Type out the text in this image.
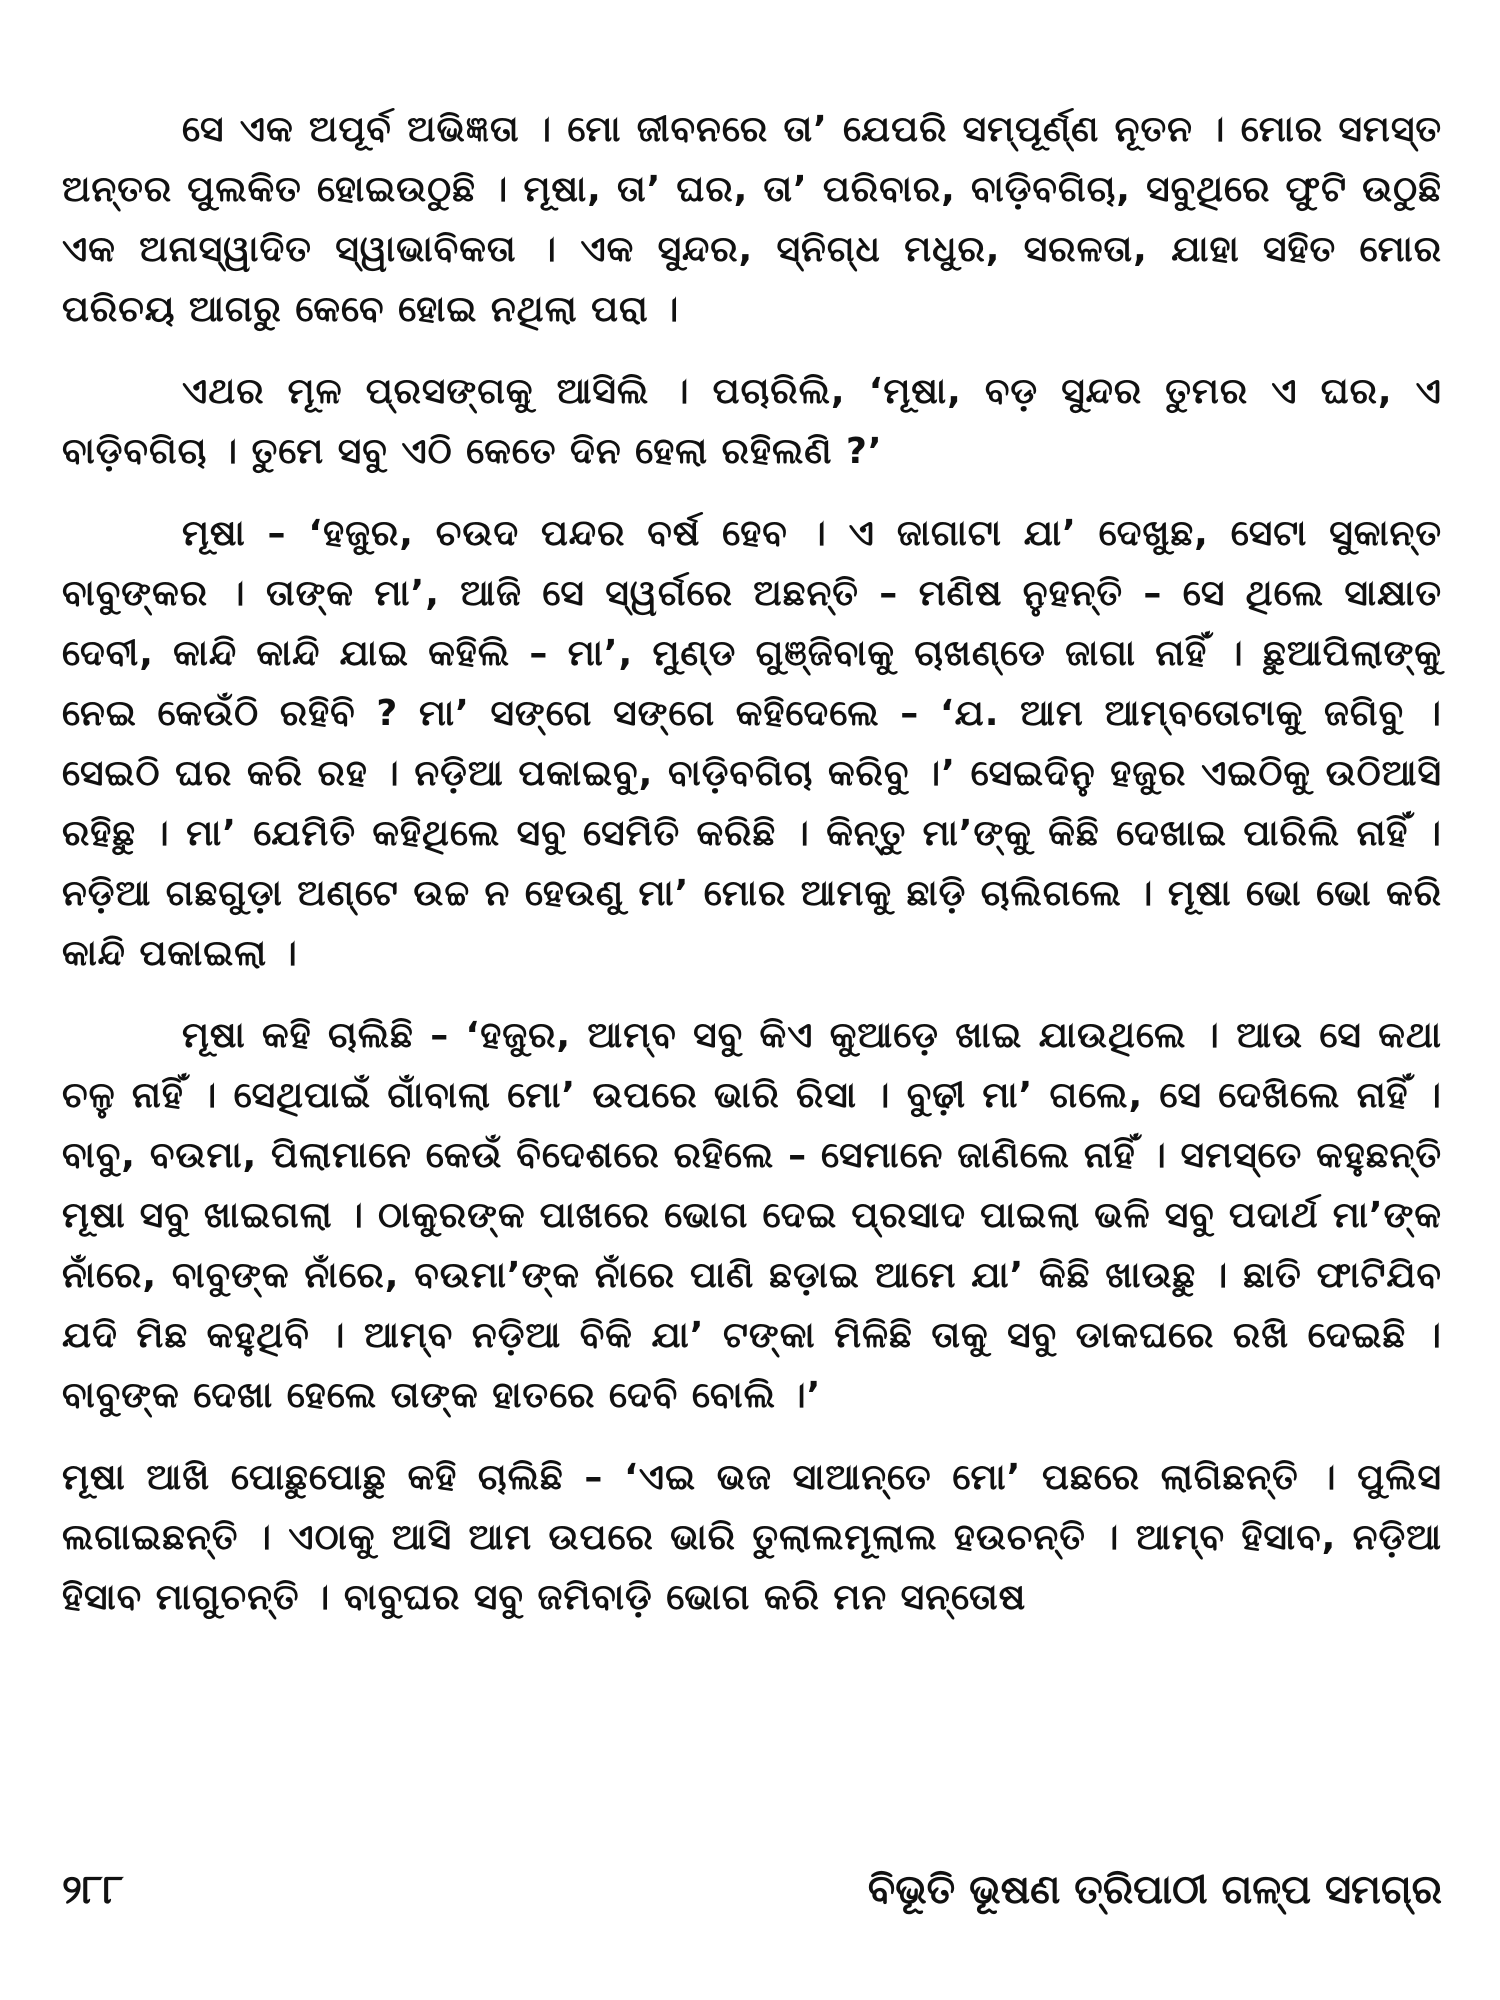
ସେ ଏକ ଅପୂର୍ବ ଅଭିଜ୍ଞତା । ମୋ ଜୀବନରେ ତା’ ଯେପରି ସମ୍ପୂର୍ଣ୍ଣ ନୂତନ । ମୋର ସମସ୍ତ ଅନ୍ତର ପୁଲକିତ ହୋଇଉଠୁଛି । ମୂଷା, ତା’ ଘର, ତା’ ପରିବାର, ବାଡ଼ିବଗିଚା, ସବୁଥିରେ ଫୁଟି ଉଠୁଛି ଏକ ଅନାସ୍ୱାଦିତ ସ୍ୱାଭାବିକତା । ଏକ ସୁନ୍ଦର, ସ୍ନିଗ୍ଧ ମଧୁର, ସରଳତା, ଯାହା ସହିତ ମୋର ପରିଚୟ ଆଗରୁ କେବେ ହୋଇ ନଥିଲା ପରା ।

ଏଥର ମୂଳ ପ୍ରସଙ୍ଗକୁ ଆସିଲି । ପଚାରିଲି, ‘ମୂଷା, ବଡ଼ ସୁନ୍ଦର ତୁମର ଏ ଘର, ଏ ବାଡ଼ିବଗିଚା । ତୁମେ ସବୁ ଏଠି କେତେ ଦିନ ହେଲା ରହିଲଣି ?’

ମୂଷା – ‘ହଜୁର, ଚଉଦ ପନ୍ଦର ବର୍ଷ ହେବ । ଏ ଜାଗାଟା ଯା’ ଦେଖୁଛ, ସେଟା ସୁକାନ୍ତ ବାବୁଙ୍କର । ତାଙ୍କ ମା’, ଆଜି ସେ ସ୍ୱର୍ଗରେ ଅଛନ୍ତି – ମଣିଷ ନୁହନ୍ତି – ସେ ଥିଲେ ସାକ୍ଷାତ ଦେବୀ, କାନ୍ଦି କାନ୍ଦି ଯାଇ କହିଲି – ମା’, ମୁଣ୍ଡ ଗୁଞ୍ଜିବାକୁ ଚାଖଣ୍ଡେ ଜାଗା ନାହିଁ । ଛୁଆପିଲାଙ୍କୁ ନେଇ କେଉଁଠି ରହିବି ? ମା’ ସଙ୍ଗେ ସଙ୍ଗେ କହିଦେଲେ – ‘ଯ. ଆମ ଆମ୍ବତୋଟାକୁ ଜଗିବୁ । ସେଇଠି ଘର କରି ରହ । ନଡ଼ିଆ ପକାଇବୁ, ବାଡ଼ିବଗିଚା କରିବୁ ।’ ସେଇଦିନୁ ହଜୁର ଏଇଠିକୁ ଉଠିଆସି ରହିଛୁ । ମା’ ଯେମିତି କହିଥିଲେ ସବୁ ସେମିତି କରିଛି । କିନ୍ତୁ ମା’ଙ୍କୁ କିଛି ଦେଖାଇ ପାରିଲି ନାହିଁ । ନଡ଼ିଆ ଗଛଗୁଡ଼ା ଅଣ୍ଟେ ଉଚ୍ଚ ନ ହେଉଣୁ ମା’ ମୋର ଆମକୁ ଛାଡ଼ି ଚାଲିଗଲେ । ମୂଷା ଭୋ ଭୋ କରି କାନ୍ଦି ପକାଇଲା ।

ମୂଷା କହି ଚାଲିଛି – ‘ହଜୁର, ଆମ୍ବ ସବୁ କିଏ କୁଆଡ଼େ ଖାଇ ଯାଉଥିଲେ । ଆଉ ସେ କଥା ଚଳୁ ନାହିଁ । ସେଥିପାଇଁ ଗାଁବାଲା ମୋ’ ଉପରେ ଭାରି ରିସା । ବୁଢ଼ୀ ମା’ ଗଲେ, ସେ ଦେଖିଲେ ନାହିଁ । ବାବୁ, ବଉମା, ପିଲାମାନେ କେଉଁ ବିଦେଶରେ ରହିଲେ – ସେମାନେ ଜାଣିଲେ ନାହିଁ । ସମସ୍ତେ କହୁଛନ୍ତି ମୂଷା ସବୁ ଖାଇଗଲା । ଠାକୁରଙ୍କ ପାଖରେ ଭୋଗ ଦେଇ ପ୍ରସାଦ ପାଇଲା ଭଳି ସବୁ ପଦାର୍ଥ ମା’ଙ୍କ ନାଁରେ, ବାବୁଙ୍କ ନାଁରେ, ବଉମା’ଙ୍କ ନାଁରେ ପାଣି ଛଡ଼ାଇ ଆମେ ଯା’ କିଛି ଖାଉଛୁ । ଛାତି ଫାଟିଯିବ ଯଦି ମିଛ କହୁଥିବି । ଆମ୍ବ ନଡ଼ିଆ ବିକି ଯା’ ଟଙ୍କା ମିଳିଛି ତାକୁ ସବୁ ଡାକଘରେ ରଖି ଦେଇଛି । ବାବୁଙ୍କ ଦେଖା ହେଲେ ତାଙ୍କ ହାତରେ ଦେବି ବୋଲି ।’

ମୂଷା ଆଖି ପୋଛୁପୋଛୁ କହି ଚାଲିଛି – ‘ଏଇ ଭଜ ସାଆନ୍ତେ ମୋ’ ପଛରେ ଲାଗିଛନ୍ତି । ପୁଲିସ ଲଗାଇଛନ୍ତି । ଏଠାକୁ ଆସି ଆମ ଉପରେ ଭାରି ତୁଲାଲମୂଲାଲ ହଉଚନ୍ତି । ଆମ୍ବ ହିସାବ, ନଡ଼ିଆ ହିସାବ ମାଗୁଚନ୍ତି । ବାବୁଘର ସବୁ ଜମିବାଡ଼ି ଭୋଗ କରି ମନ ସନ୍ତୋଷ

୨୮୮	ବିଭୂତି ଭୂଷଣ ତ୍ରିପାଠୀ ଗଳ୍ପ ସମଗ୍ର
